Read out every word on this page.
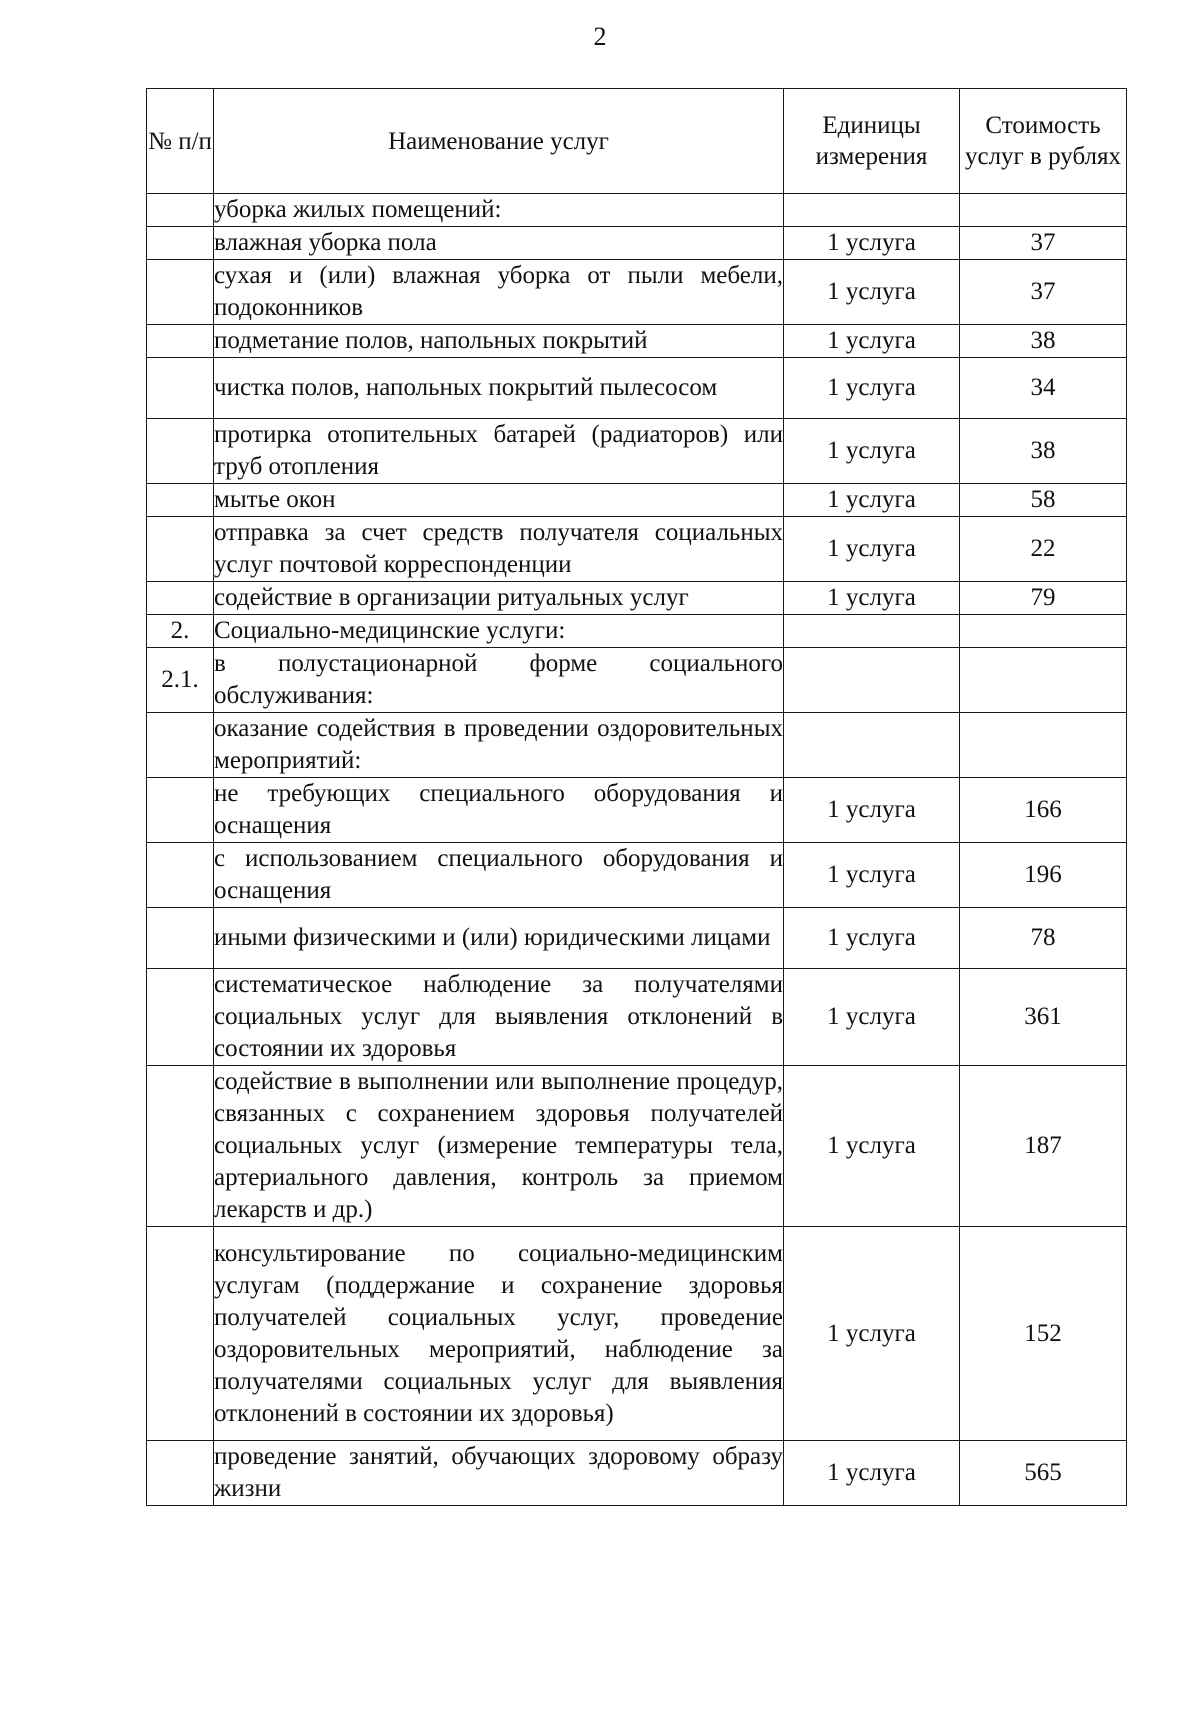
2
№ п/п	Наименование услуг	Единицы измерения	Стоимость услуг в рублях
	уборка жилых помещений:		
	влажная уборка пола	1 услуга	37
	сухая и (или) влажная уборка от пыли мебели, подоконников	1 услуга	37
	подметание полов, напольных покрытий	1 услуга	38
	чистка полов, напольных покрытий пылесосом	1 услуга	34
	протирка отопительных батарей (радиаторов) или труб отопления	1 услуга	38
	мытье окон	1 услуга	58
	отправка за счет средств получателя социальных услуг почтовой корреспонденции	1 услуга	22
	содействие в организации ритуальных услуг	1 услуга	79
2.	Социально-медицинские услуги:		
2.1.	в полустационарной форме социального обслуживания:		
	оказание содействия в проведении оздоровительных мероприятий:		
	не требующих специального оборудования и оснащения	1 услуга	166
	с использованием специального оборудования и оснащения	1 услуга	196
	иными физическими и (или) юридическими лицами	1 услуга	78
	систематическое наблюдение за получателями социальных услуг для выявления отклонений в состоянии их здоровья	1 услуга	361
	содействие в выполнении или выполнение процедур, связанных с сохранением здоровья получателей социальных услуг (измерение температуры тела, артериального давления, контроль за приемом лекарств и др.)	1 услуга	187
	консультирование по социально-медицинским услугам (поддержание и сохранение здоровья получателей социальных услуг, проведение оздоровительных мероприятий, наблюдение за получателями социальных услуг для выявления отклонений в состоянии их здоровья)	1 услуга	152
	проведение занятий, обучающих здоровому образу жизни	1 услуга	565
